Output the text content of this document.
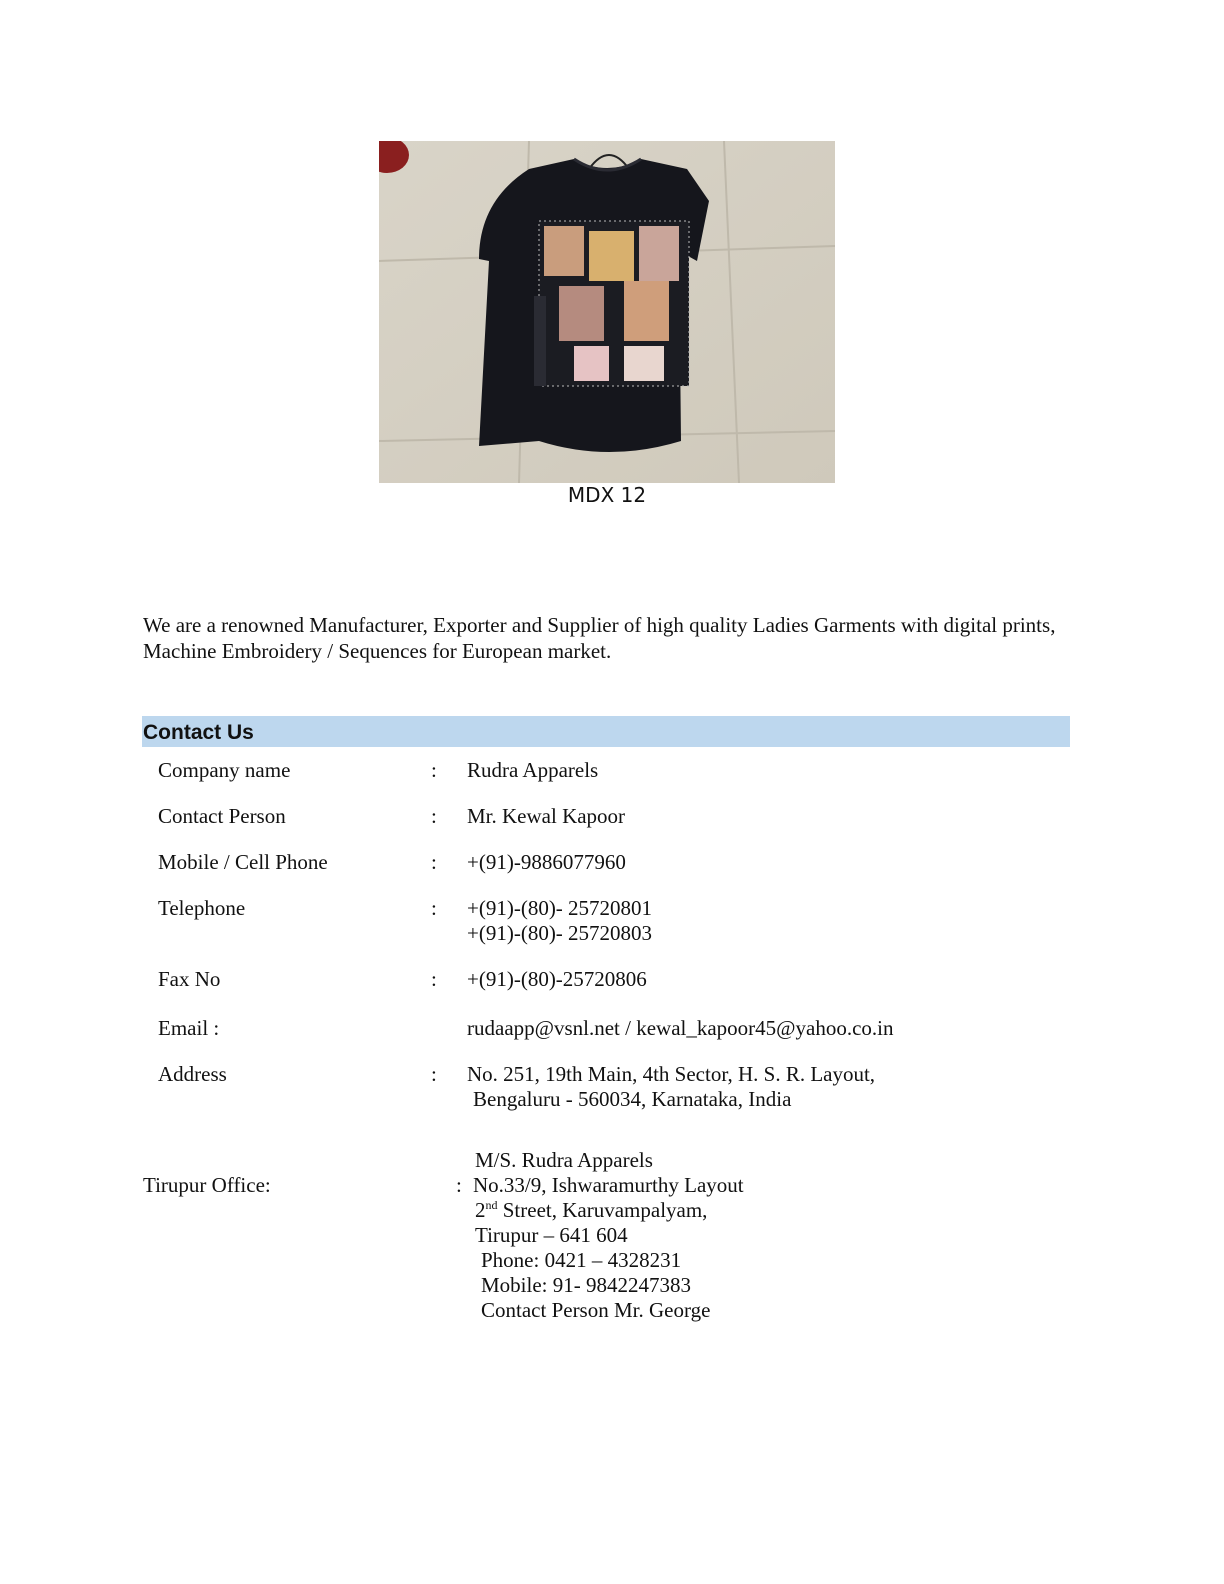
MDX 12
We are a renowned Manufacturer, Exporter and Supplier of high quality Ladies Garments with digital prints, Machine Embroidery / Sequences for European market.
Contact Us
Company name	: Rudra Apparels
Contact Person	: Mr. Kewal Kapoor
Mobile / Cell Phone	: +(91)-9886077960
Telephone	: +(91)-(80)- 25720801
+(91)-(80)- 25720803
Fax No	: +(91)-(80)-25720806
Email :	rudaapp@vsnl.net / kewal_kapoor45@yahoo.co.in
Address	: No. 251, 19th Main, 4th Sector, H. S. R. Layout,
Bengaluru - 560034, Karnataka, India
Tirupur Office:	:
M/S. Rudra Apparels
No.33/9, Ishwaramurthy Layout
2nd Street, Karuvampalyam,
Tirupur – 641 604
Phone: 0421 – 4328231
Mobile: 91- 9842247383
Contact Person Mr. George
